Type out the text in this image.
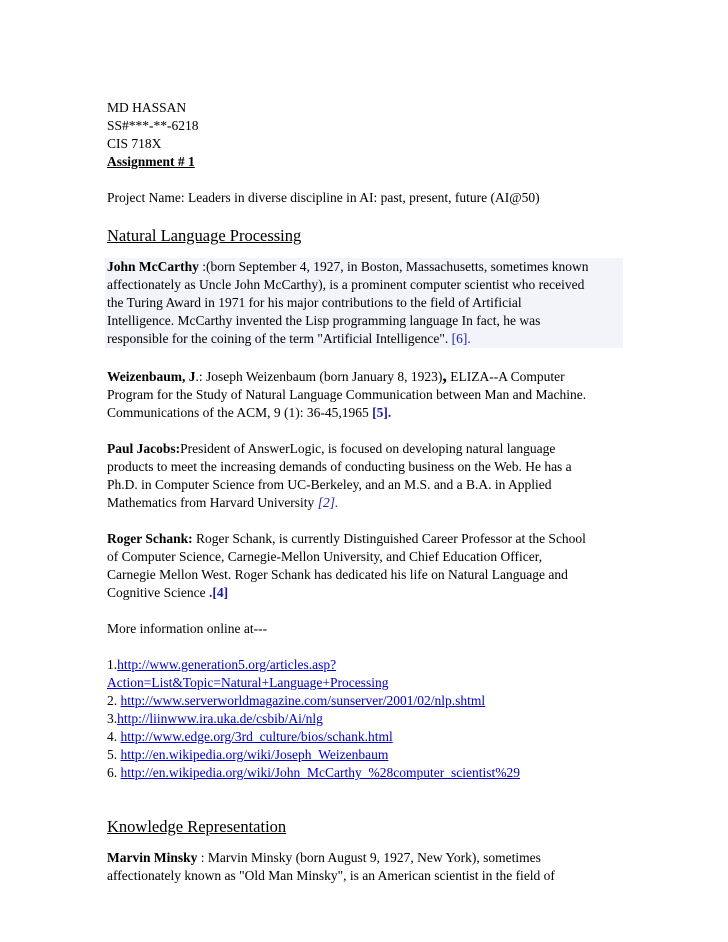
MD HASSAN
SS#***-**-6218
CIS 718X
Assignment # 1
Project Name: Leaders in diverse discipline in AI: past, present, future (AI@50)
Natural Language Processing
John McCarthy :(born September 4, 1927, in Boston, Massachusetts, sometimes known
affectionately as Uncle John McCarthy), is a prominent computer scientist who received
the Turing Award in 1971 for his major contributions to the field of Artificial
Intelligence. McCarthy invented the Lisp programming language In fact, he was
responsible for the coining of the term "Artificial Intelligence". [6].
Weizenbaum, J.: Joseph Weizenbaum (born January 8, 1923), ELIZA--A Computer
Program for the Study of Natural Language Communication between Man and Machine.
Communications of the ACM, 9 (1): 36-45,1965 [5].
Paul Jacobs:President of AnswerLogic, is focused on developing natural language
products to meet the increasing demands of conducting business on the Web. He has a
Ph.D. in Computer Science from UC-Berkeley, and an M.S. and a B.A. in Applied
Mathematics from Harvard University [2].
Roger Schank: Roger Schank, is currently Distinguished Career Professor at the School
of Computer Science, Carnegie-Mellon University, and Chief Education Officer,
Carnegie Mellon West. Roger Schank has dedicated his life on Natural Language and
Cognitive Science .[4]
More information online at---
1.http://www.generation5.org/articles.asp?
Action=List&Topic=Natural+Language+Processing
2. http://www.serverworldmagazine.com/sunserver/2001/02/nlp.shtml
3.http://liinwww.ira.uka.de/csbib/Ai/nlg
4. http://www.edge.org/3rd_culture/bios/schank.html
5. http://en.wikipedia.org/wiki/Joseph_Weizenbaum
6. http://en.wikipedia.org/wiki/John_McCarthy_%28computer_scientist%29
Knowledge Representation
Marvin Minsky : Marvin Minsky (born August 9, 1927, New York), sometimes
affectionately known as "Old Man Minsky", is an American scientist in the field of
